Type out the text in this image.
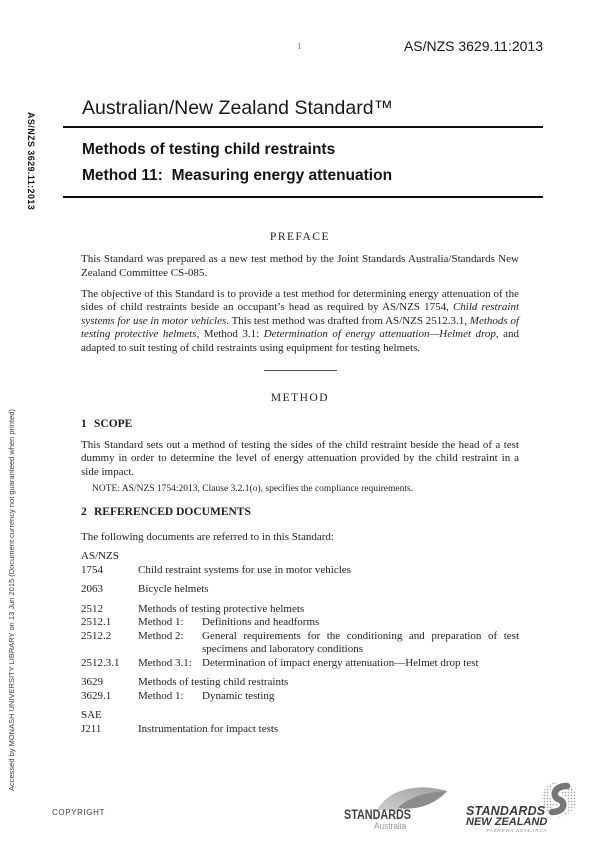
1	AS/NZS 3629.11:2013
AS/NZS 3629.11:2013
Accessed by MONASH UNIVERSITY LIBRARY on 13 Jun 2015 (Document currency not guaranteed when printed)
Australian/New Zealand Standard™
Methods of testing child restraints
Method 11:  Measuring energy attenuation
PREFACE

This Standard was prepared as a new test method by the Joint Standards Australia/Standards New Zealand Committee CS-085.

The objective of this Standard is to provide a test method for determining energy attenuation of the sides of child restraints beside an occupant’s head as required by AS/NZS 1754, Child restraint systems for use in motor vehicles. This test method was drafted from AS/NZS 2512.3.1, Methods of testing protective helmets, Method 3.1: Determination of energy attenuation—Helmet drop, and adapted to suit testing of child restraints using equipment for testing helmets.

METHOD
1 SCOPE

This Standard sets out a method of testing the sides of the child restraint beside the head of a test dummy in order to determine the level of energy attenuation provided by the child restraint in a side impact.

NOTE: AS/NZS 1754:2013, Clause 3.2.1(o), specifies the compliance requirements.
2 REFERENCED DOCUMENTS

The following documents are referred to in this Standard:

AS/NZS
1754	Child restraint systems for use in motor vehicles
2063	Bicycle helmets
2512	Methods of testing protective helmets
2512.1	Method 1:	Definitions and headforms
2512.2	Method 2:	General requirements for the conditioning and preparation of test specimens and laboratory conditions
2512.3.1	Method 3.1: Determination of impact energy attenuation—Helmet drop test
3629	Methods of testing child restraints
3629.1	Method 1:	Dynamic testing
SAE
J211	Instrumentation for impact tests
COPYRIGHT	STANDARDS
Australia
STANDARDS
NEW ZEALAND
PAEREWA AOTEAROA
